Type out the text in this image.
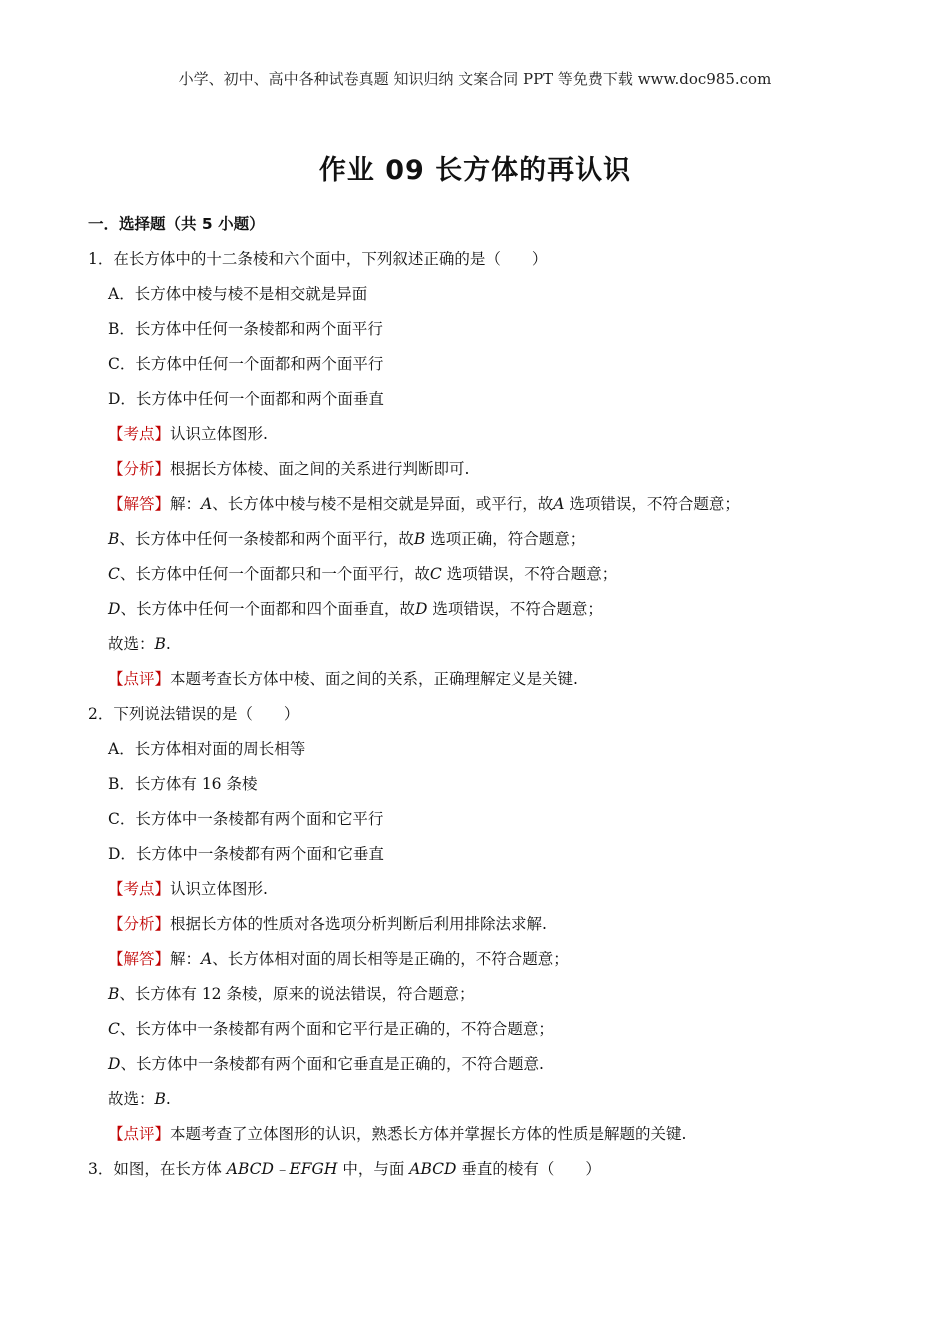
小学、初中、高中各种试卷真题 知识归纳 文案合同 PPT 等免费下载 www.doc985.com
作业 09 长方体的再认识
一．选择题（共 5 小题）
1．在长方体中的十二条棱和六个面中，下列叙述正确的是（　　）
A．长方体中棱与棱不是相交就是异面
B．长方体中任何一条棱都和两个面平行
C．长方体中任何一个面都和两个面平行
D．长方体中任何一个面都和两个面垂直
【考点】认识立体图形.
【分析】根据长方体棱、面之间的关系进行判断即可.
【解答】解：A、长方体中棱与棱不是相交就是异面，或平行，故A 选项错误，不符合题意；
B、长方体中任何一条棱都和两个面平行，故B 选项正确，符合题意；
C、长方体中任何一个面都只和一个面平行，故C 选项错误，不符合题意；
D、长方体中任何一个面都和四个面垂直，故D 选项错误，不符合题意；
故选：B.
【点评】本题考查长方体中棱、面之间的关系，正确理解定义是关键.
2．下列说法错误的是（　　）
A．长方体相对面的周长相等
B．长方体有 16 条棱
C．长方体中一条棱都有两个面和它平行
D．长方体中一条棱都有两个面和它垂直
【考点】认识立体图形.
【分析】根据长方体的性质对各选项分析判断后利用排除法求解.
【解答】解：A、长方体相对面的周长相等是正确的，不符合题意；
B、长方体有 12 条棱，原来的说法错误，符合题意；
C、长方体中一条棱都有两个面和它平行是正确的，不符合题意；
D、长方体中一条棱都有两个面和它垂直是正确的，不符合题意.
故选：B.
【点评】本题考查了立体图形的认识，熟悉长方体并掌握长方体的性质是解题的关键.
3．如图，在长方体 ABCD﹣EFGH 中，与面 ABCD 垂直的棱有（　　）
